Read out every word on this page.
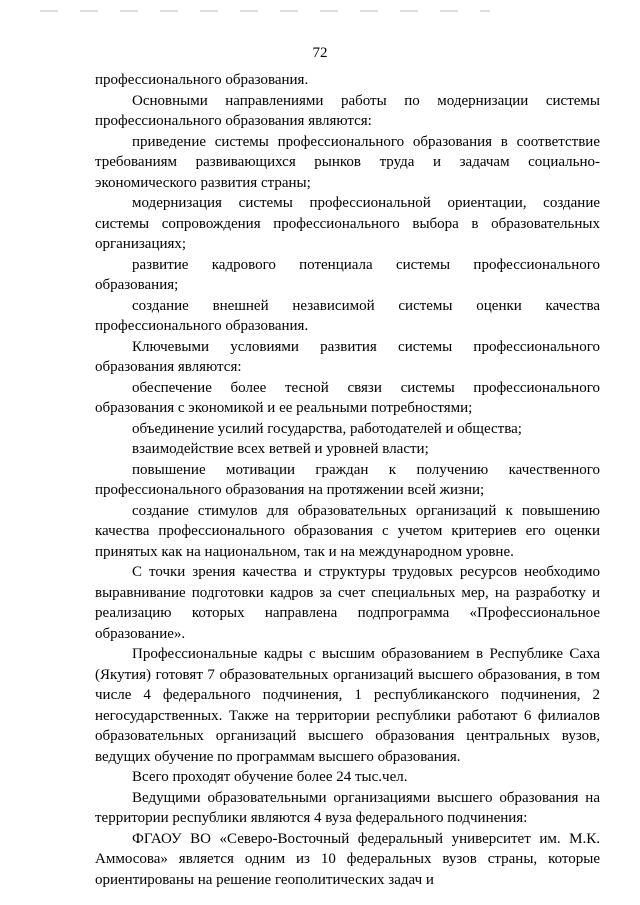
72

профессионального образования.

Основными направлениями работы по модернизации системы профессионального образования являются:

приведение системы профессионального образования в соответствие требованиям развивающихся рынков труда и задачам социально-экономического развития страны;

модернизация системы профессиональной ориентации, создание системы сопровождения профессионального выбора в образовательных организациях;

развитие кадрового потенциала системы профессионального образования;

создание внешней независимой системы оценки качества профессионального образования.

Ключевыми условиями развития системы профессионального образования являются:

обеспечение более тесной связи системы профессионального образования с экономикой и ее реальными потребностями;

объединение усилий государства, работодателей и общества;

взаимодействие всех ветвей и уровней власти;

повышение мотивации граждан к получению качественного профессионального образования на протяжении всей жизни;

создание стимулов для образовательных организаций к повышению качества профессионального образования с учетом критериев его оценки принятых как на национальном, так и на международном уровне.

С точки зрения качества и структуры трудовых ресурсов необходимо выравнивание подготовки кадров за счет специальных мер, на разработку и реализацию которых направлена подпрограмма «Профессиональное образование».

Профессиональные кадры с высшим образованием в Республике Саха (Якутия) готовят 7 образовательных организаций высшего образования, в том числе 4 федерального подчинения, 1 республиканского подчинения, 2 негосударственных. Также на территории республики работают 6 филиалов образовательных организаций высшего образования центральных вузов, ведущих обучение по программам высшего образования.

Всего проходят обучение более 24 тыс.чел.

Ведущими образовательными организациями высшего образования на территории республики являются 4 вуза федерального подчинения:

ФГАОУ ВО «Северо-Восточный федеральный университет им. М.К. Аммосова» является одним из 10 федеральных вузов страны, которые ориентированы на решение геополитических задач и
